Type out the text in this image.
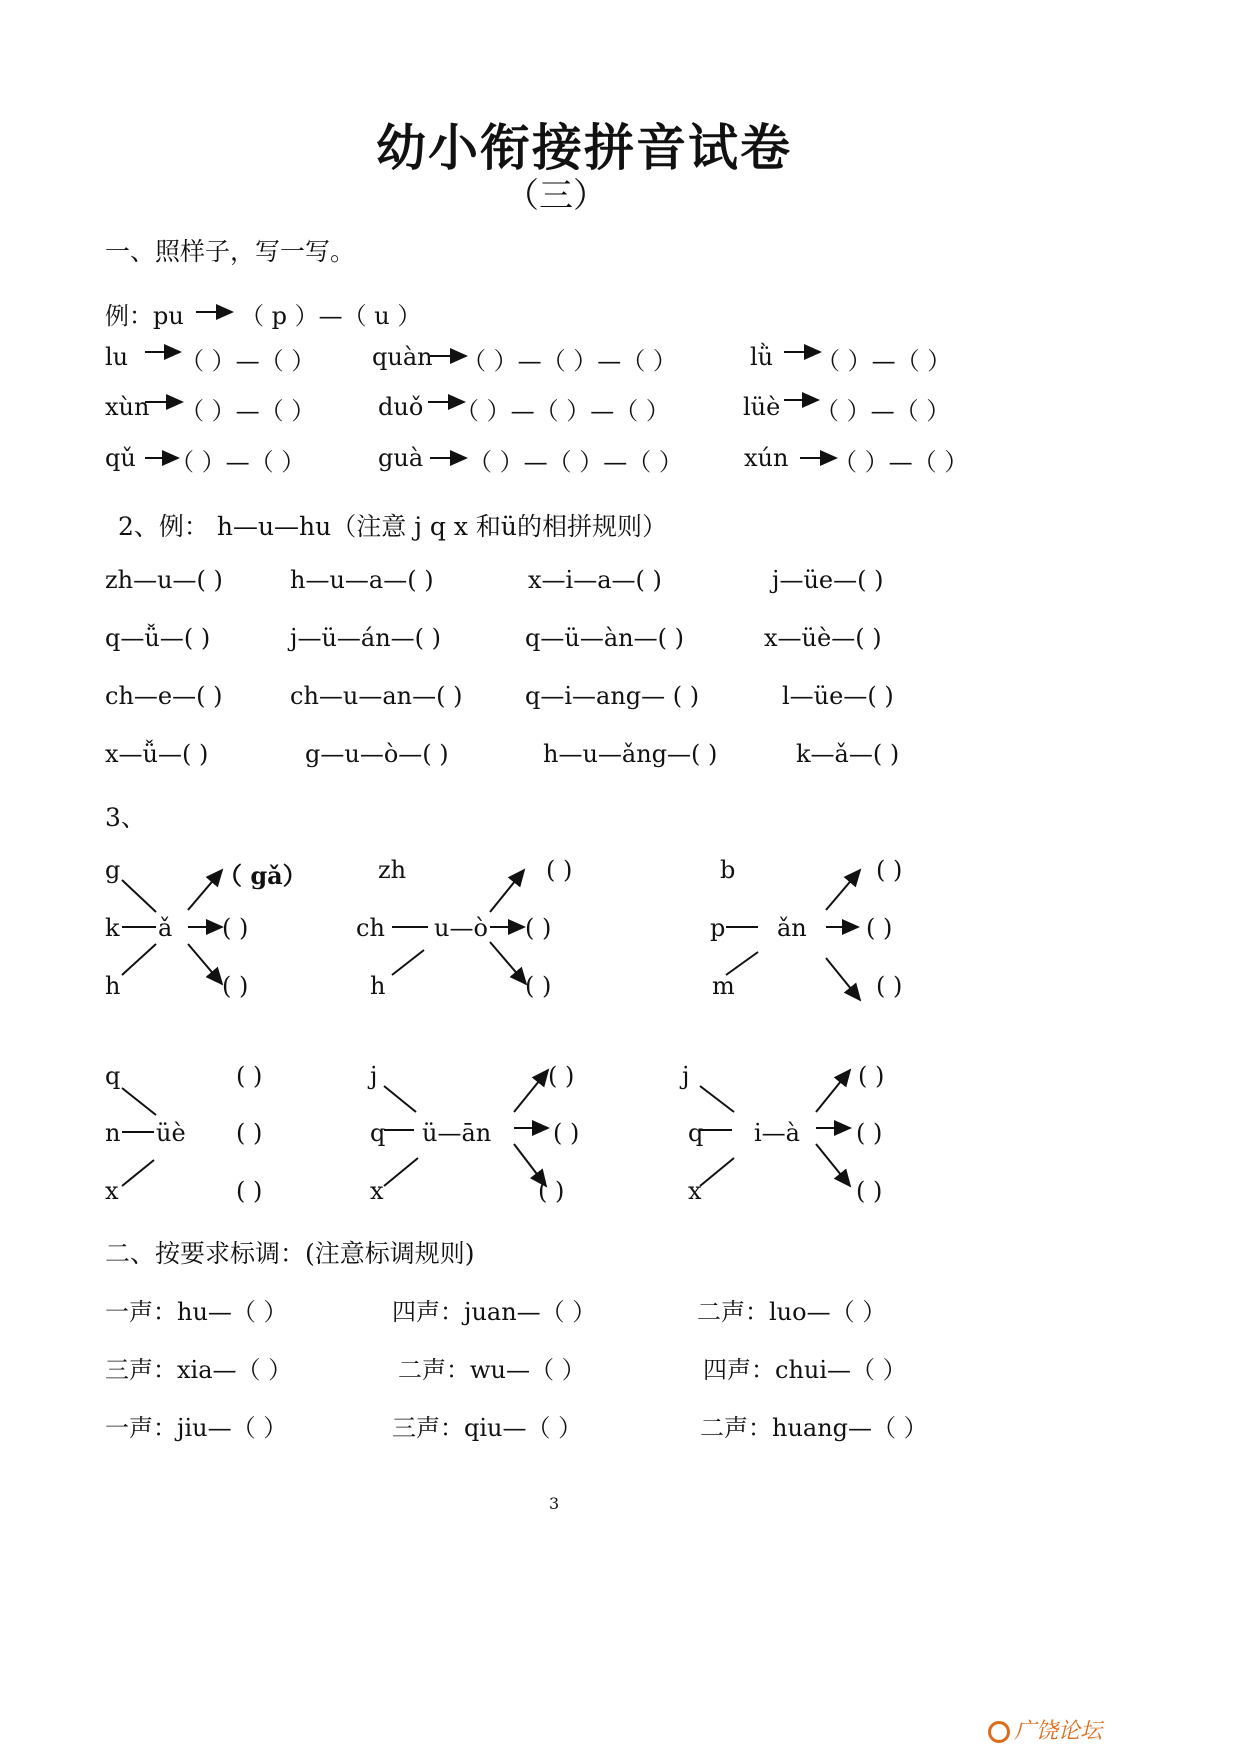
幼小衔接拼音试卷
（三）
一、照样子，写一写。
例：pu （ p ）—（ u ）
lu （ ）—（ ） quàn （ ）—（ ）—（ ）	lǜ （ ）—（ ）
xùn （ ）—（ ）	duǒ （ ）—（ ）—（ ）	lüè （ ）—（ ）
qǔ （ ）—（ ）	guà （ ）—（ ）—（ ）	xún （ ）—（ ）
2、例： h—u—hu（注意 j q x 和ü的相拼规则）
zh—u—( )	h—u—a—( )	x—i—a—( )	j—üe—( )
q—ǚ—( )	j—ü—án—( )	q—ü—àn—( )	x—üè—( )
ch—e—( )	ch—u—an—( )	q—i—ang— ( )	l—üe—( )
x—ǚ—( )	g—u—ò—( )	h—u—ǎng—( )	k—ǎ—( )
3、
g
k
h
ǎ
（ gǎ）
( )
( )
zh
ch
h
u—ò
( )
( )
( )
b
p
m
ǎn
( )
( )
( )
q
n
x
üè
( )
( )
( )
j
q
x
ü—ān
( )
( )
( )
j
q
x
i—à
( )
( )
( )
二、按要求标调：(注意标调规则)
一声：hu—（ ）	四声：juan—（ ）	二声：luo—（ ）
三声：xia—（ ）	二声：wu—（ ）	四声：chui—（ ）
一声：jiu—（ ）	三声：qiu—（ ）	二声：huang—（ ）
3
广饶论坛
